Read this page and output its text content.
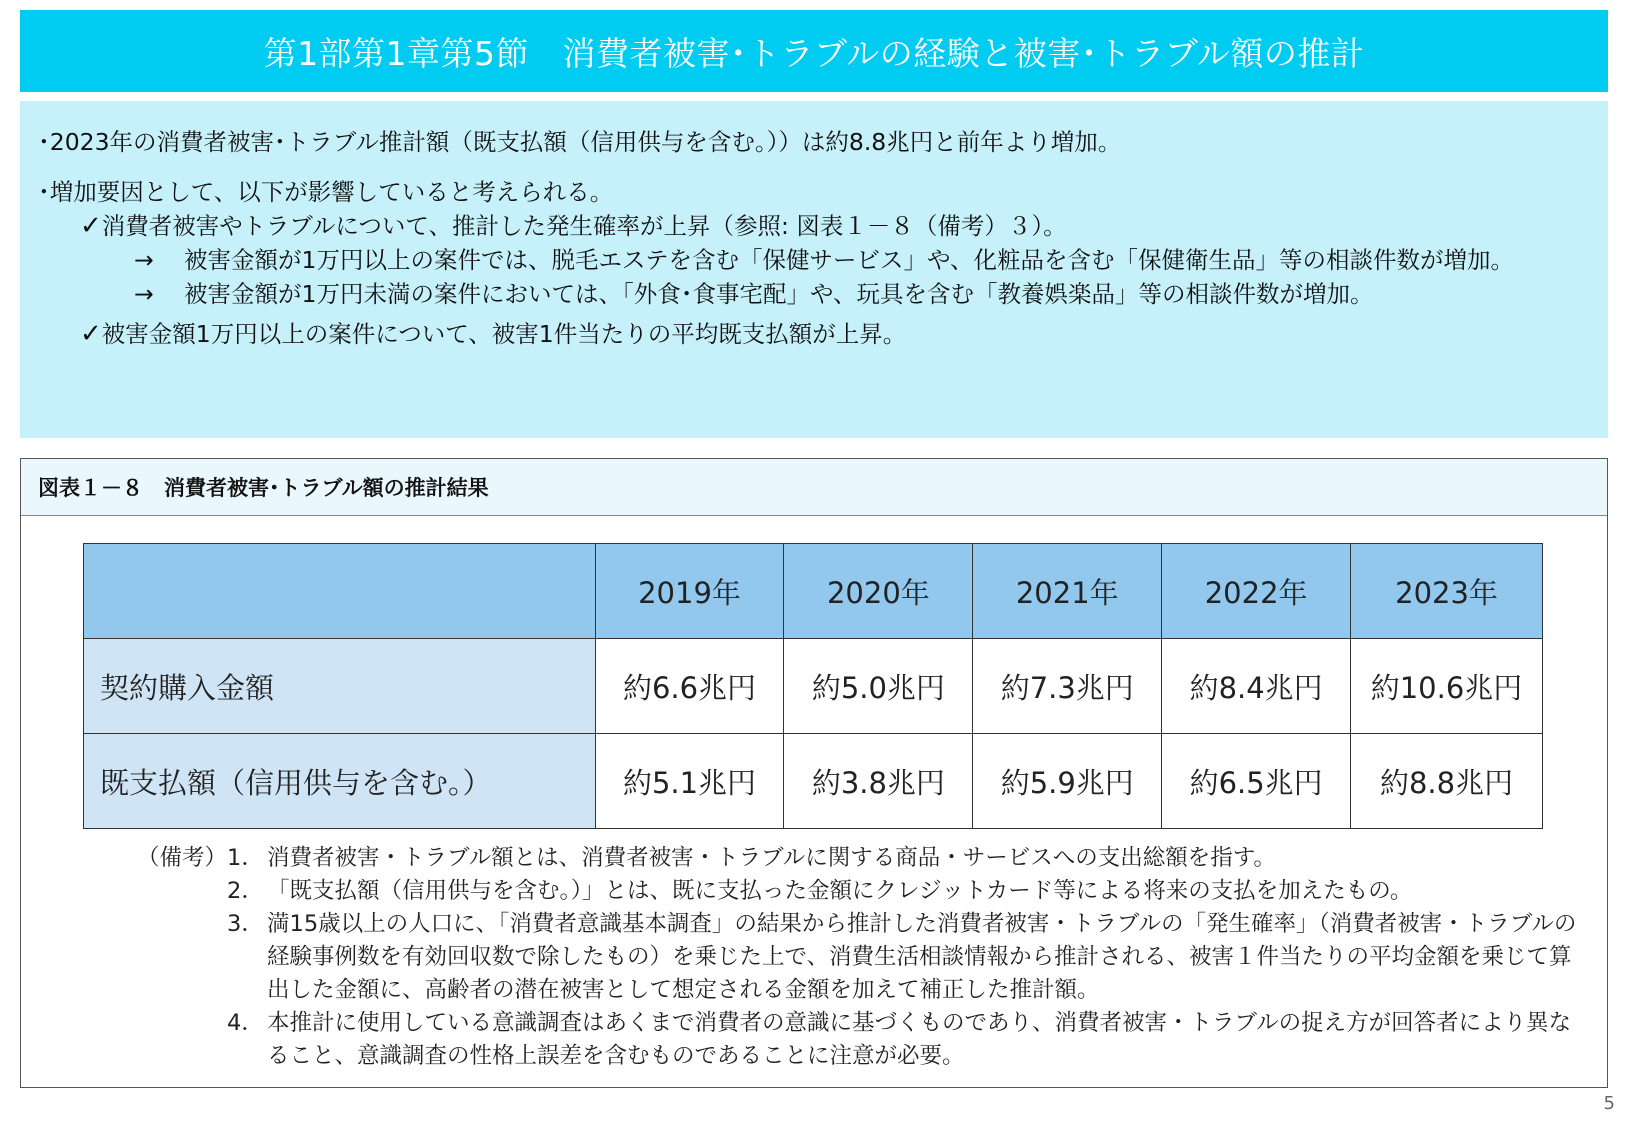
第1部第1章第5節　消費者被害･トラブルの経験と被害･トラブル額の推計
･2023年の消費者被害･トラブル推計額（既支払額（信用供与を含む。））は約8.8兆円と前年より増加。
･増加要因として、以下が影響していると考えられる。
✓消費者被害やトラブルについて、推計した発生確率が上昇（参照: 図表１－８（備考）３）。
→	被害金額が1万円以上の案件では、脱毛エステを含む「保健サービス」や、化粧品を含む「保健衛生品」等の相談件数が増加。
→	被害金額が1万円未満の案件においては、「外食･食事宅配」や、玩具を含む「教養娯楽品」等の相談件数が増加。
✓被害金額1万円以上の案件について、被害1件当たりの平均既支払額が上昇。
図表１－８　消費者被害･トラブル額の推計結果
	2019年	2020年	2021年	2022年	2023年
契約購入金額	約6.6兆円	約5.0兆円	約7.3兆円	約8.4兆円	約10.6兆円
既支払額（信用供与を含む。）	約5.1兆円	約3.8兆円	約5.9兆円	約6.5兆円	約8.8兆円
（備考） 1． 消費者被害・トラブル額とは、消費者被害・トラブルに関する商品・サービスへの支出総額を指す。
2． 「既支払額（信用供与を含む。）」とは、既に支払った金額にクレジットカード等による将来の支払を加えたもの。
3． 満15歳以上の人口に、「消費者意識基本調査」の結果から推計した消費者被害・トラブルの「発生確率」（消費者被害・トラブルの経験事例数を有効回収数で除したもの）を乗じた上で、消費生活相談情報から推計される、被害１件当たりの平均金額を乗じて算出した金額に、高齢者の潜在被害として想定される金額を加えて補正した推計額。
4． 本推計に使用している意識調査はあくまで消費者の意識に基づくものであり、消費者被害・トラブルの捉え方が回答者により異なること、意識調査の性格上誤差を含むものであることに注意が必要。
5
